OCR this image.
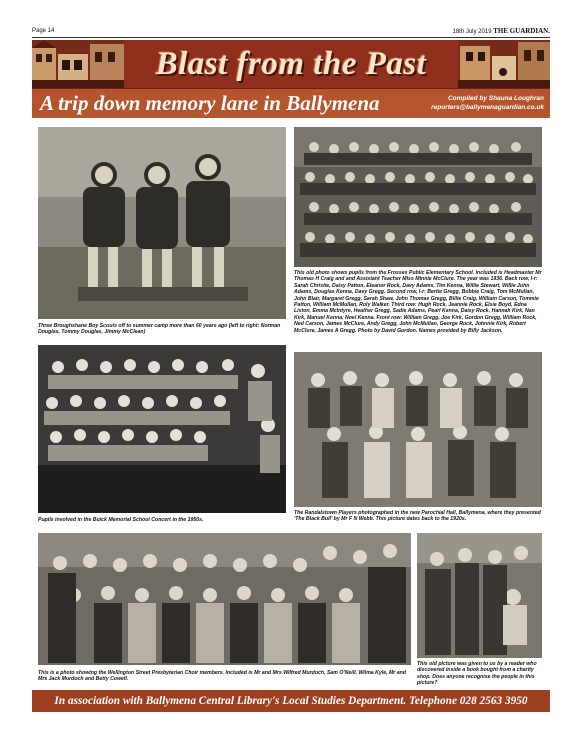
Page 14	18th July 2019 THE GUARDIAN.
Blast from the Past
A trip down memory lane in Ballymena	Compiled by Shauna Loughran
reporters@ballymenaguardian.co.uk
Three Broughshane Boy Scouts off to summer camp more than 60 years ago (left to right: Norman Douglas, Tommy Douglas, Jimmy McClean)
This old photo shows pupils from the Frosses Public Elementary School. Included is Headmaster Mr Thomas H Craig and and Assistant Teacher Miss Minnie McClure. The year was 1936. Back row, l-r: Sarah Christie, Daisy Patton, Eleanor Rock, Davy Adams, Tim Kenna, Willie Stewart, Willie John Adams, Douglas Kenna, Davy Gregg. Second row, l-r: Bertie Gregg, Bobbie Craig, Tom McMullan, John Blair, Margaret Gregg, Sarah Shaw, John Thomas Gregg, Billie Craig, William Carson, Tommie Patton, William McMullan, Roly Walker. Third row: Hugh Rock, Jeannie Rock, Elsie Boyd, Edna Liston, Emma McIntyre, Heather Gregg, Sadie Adams, Pearl Kenna, Daisy Rock, Hannah Kirk, Nan Kirk, Manuel Kenna, Noel Kenna. Front row: William Gregg, Joe Kirk, Gordon Gregg, William Rock, Ned Carson, James McClure, Andy Gregg, John McMullan, George Rock, Johnnie Kirk, Robert McClure, James A Gregg. Photo by David Gordon. Names provided by Billy Jackson.
Pupils involved in the Buick Memorial School Concert in the 1950s.
The Randalstown Players photographed in the new Parochial Hall, Ballymena, where they presented 'The Black Bull' by Mr F N Webb. This picture dates back to the 1920s.
This is a photo showing the Wellington Street Presbyterian Choir members. Included is Mr and Mrs Wilfred Murdoch, Sam O'Neill, Wilma Kyle, Mr and Mrs Jack Murdoch and Betty Cowell.
This old picture was given to us by a reader who discovered inside a book bought from a charity shop. Does anyone recognise the people in this picture?
In association with Ballymena Central Library's Local Studies Department. Telephone 028 2563 3950
